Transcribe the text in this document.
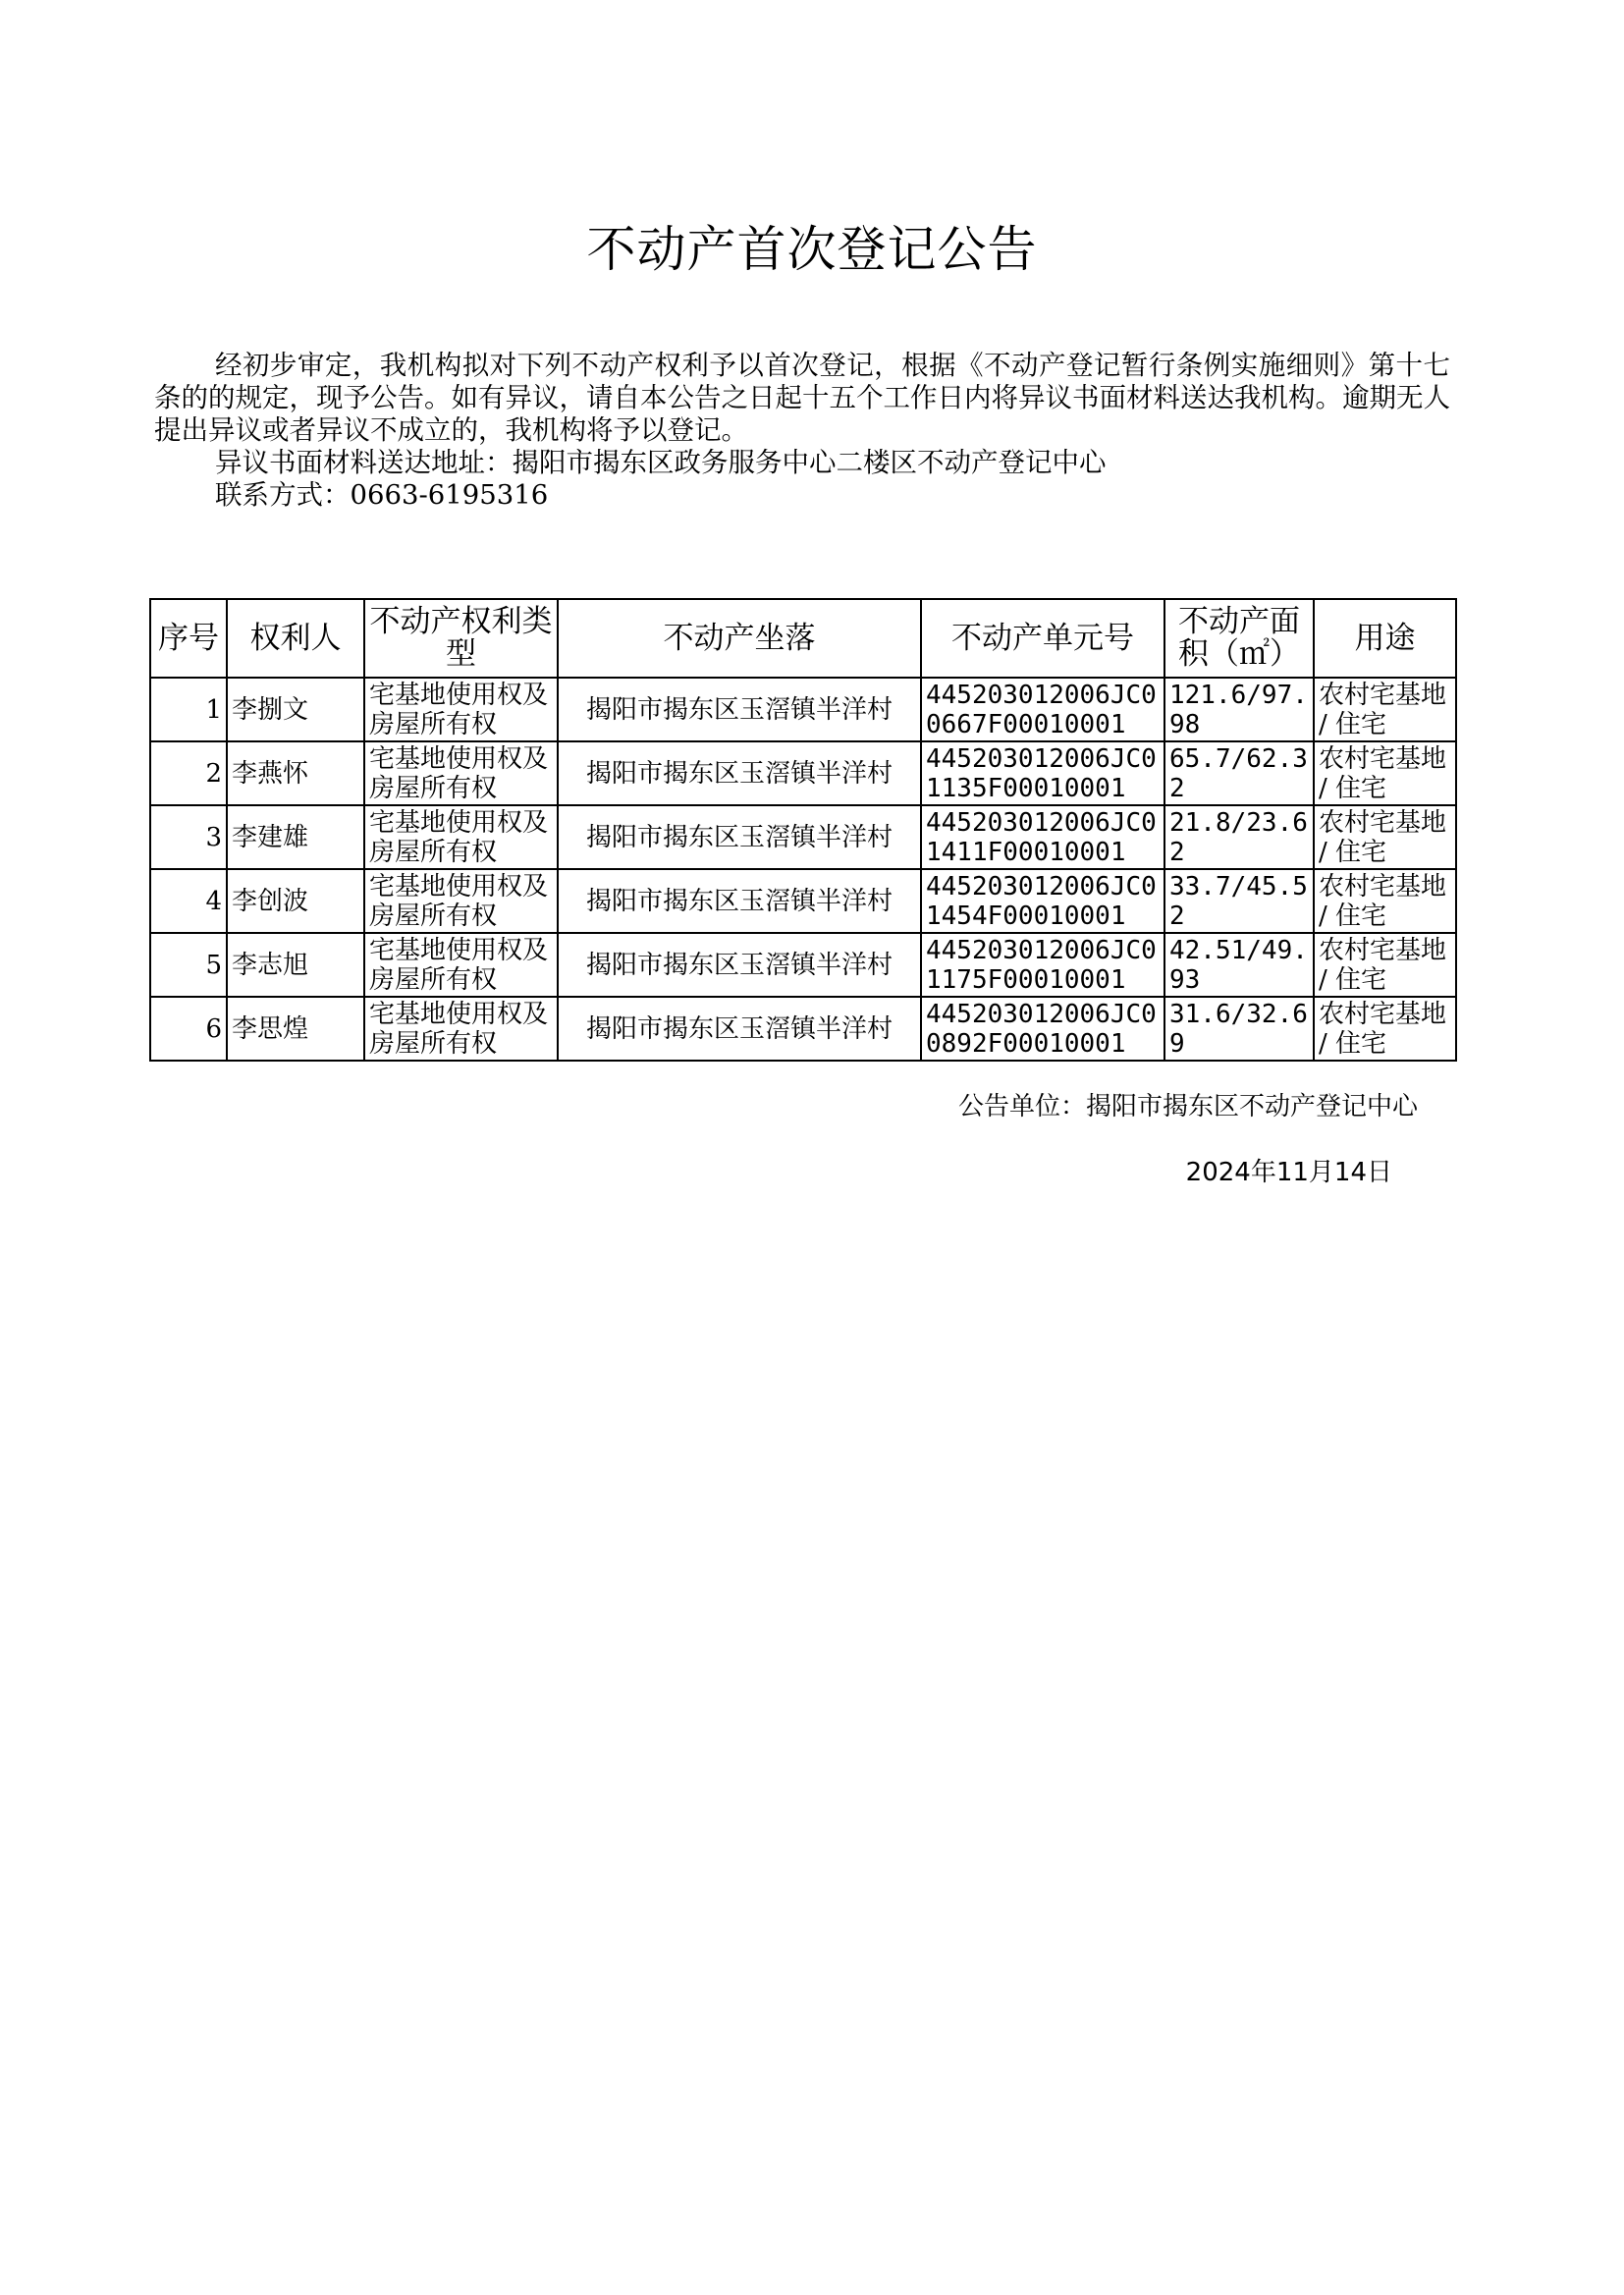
不动产首次登记公告

经初步审定，我机构拟对下列不动产权利予以首次登记，根据《不动产登记暂行条例实施细则》第十七条的的规定，现予公告。如有异议，请自本公告之日起十五个工作日内将异议书面材料送达我机构。逾期无人提出异议或者异议不成立的，我机构将予以登记。

异议书面材料送达地址：揭阳市揭东区政务服务中心二楼区不动产登记中心

联系方式：0663-6195316

序号	权利人	不动产权利类型	不动产坐落	不动产单元号	不动产面积（㎡）	用途
1	李捌文	宅基地使用权及房屋所有权	揭阳市揭东区玉滘镇半洋村	445203012006JC00667F00010001	121.6/97.98	农村宅基地 / 住宅
2	李燕怀	宅基地使用权及房屋所有权	揭阳市揭东区玉滘镇半洋村	445203012006JC01135F00010001	65.7/62.32	农村宅基地 / 住宅
3	李建雄	宅基地使用权及房屋所有权	揭阳市揭东区玉滘镇半洋村	445203012006JC01411F00010001	21.8/23.62	农村宅基地 / 住宅
4	李创波	宅基地使用权及房屋所有权	揭阳市揭东区玉滘镇半洋村	445203012006JC01454F00010001	33.7/45.52	农村宅基地 / 住宅
5	李志旭	宅基地使用权及房屋所有权	揭阳市揭东区玉滘镇半洋村	445203012006JC01175F00010001	42.51/49.93	农村宅基地 / 住宅
6	李思煌	宅基地使用权及房屋所有权	揭阳市揭东区玉滘镇半洋村	445203012006JC00892F00010001	31.6/32.69	农村宅基地 / 住宅
公告单位：揭阳市揭东区不动产登记中心
2024年11月14日
